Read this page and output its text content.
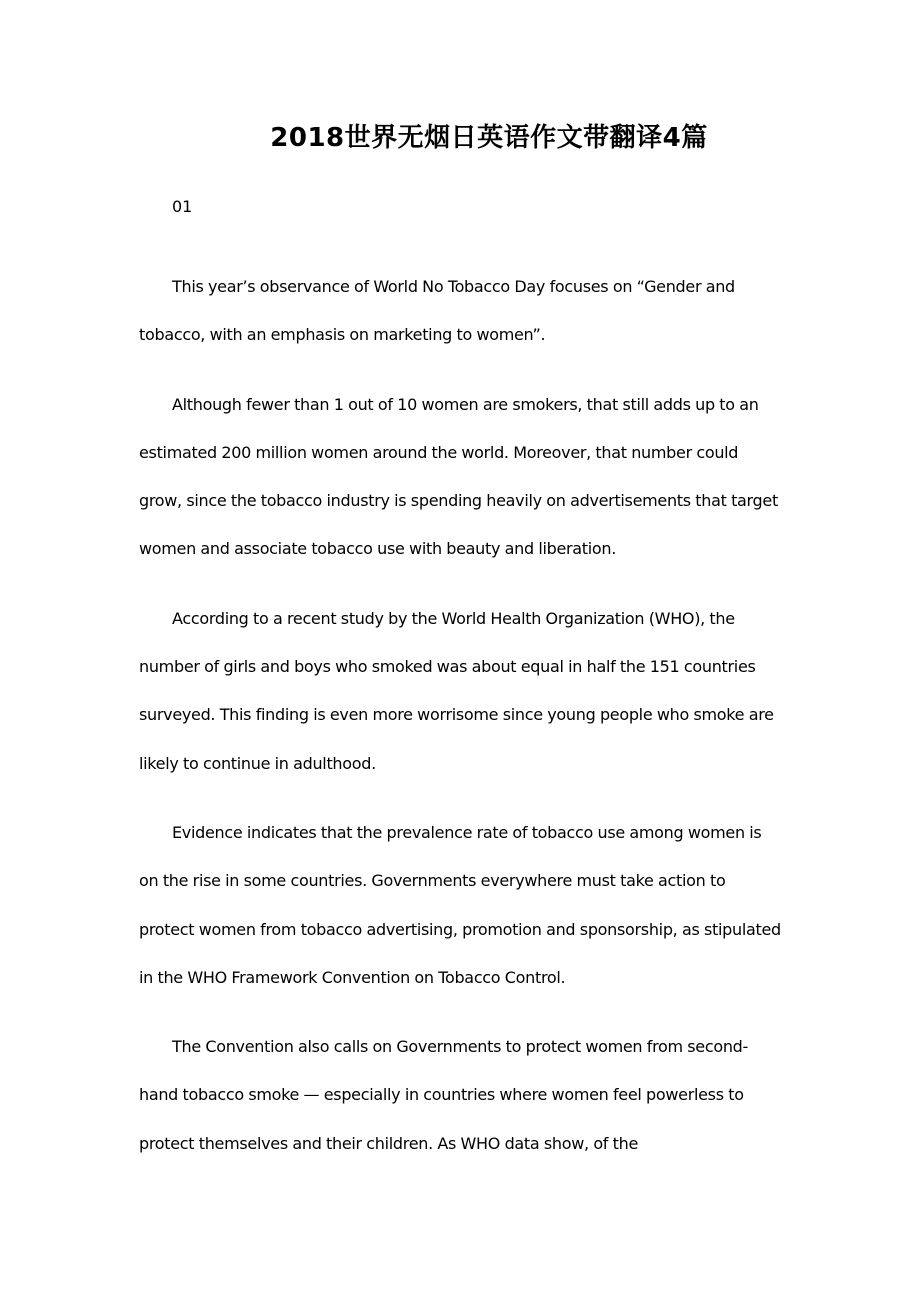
2018世界无烟日英语作文带翻译4篇

01

This year’s observance of World No Tobacco Day focuses on “Gender and tobacco, with an emphasis on marketing to women”.

Although fewer than 1 out of 10 women are smokers, that still adds up to an estimated 200 million women around the world. Moreover, that number could grow, since the tobacco industry is spending heavily on advertisements that target women and associate tobacco use with beauty and liberation.

According to a recent study by the World Health Organization (WHO), the number of girls and boys who smoked was about equal in half the 151 countries surveyed. This finding is even more worrisome since young people who smoke are likely to continue in adulthood.

Evidence indicates that the prevalence rate of tobacco use among women is on the rise in some countries. Governments everywhere must take action to protect women from tobacco advertising, promotion and sponsorship, as stipulated in the WHO Framework Convention on Tobacco Control.

The Convention also calls on Governments to protect women from second-hand tobacco smoke — especially in countries where women feel powerless to protect themselves and their children. As WHO data show, of the
